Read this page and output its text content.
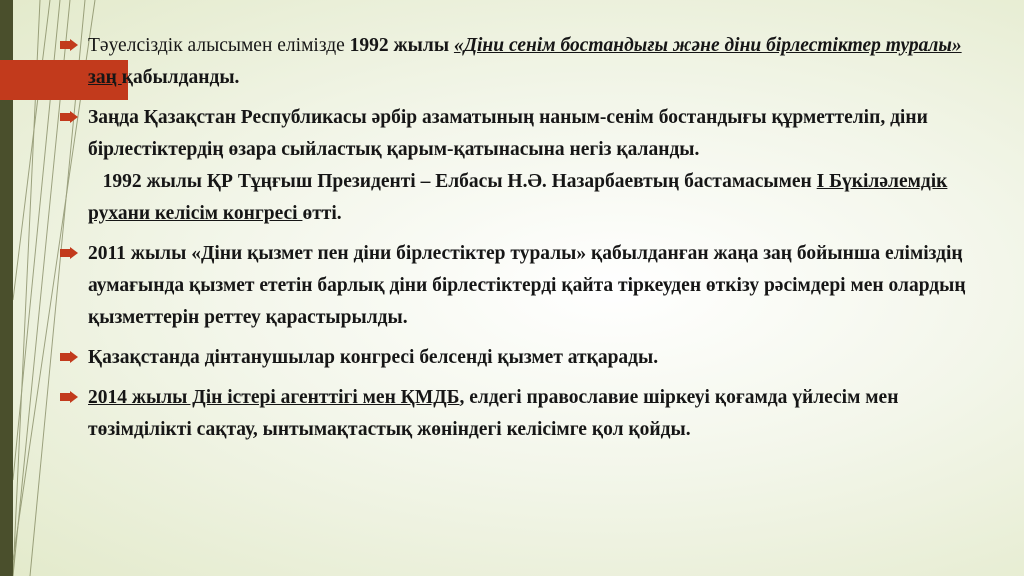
Тәуелсіздік алысымен елімізде 1992 жылы «Діни сенім бостандығы және діни бірлестіктер туралы» заң қабылданды.
Заңда Қазақстан Республикасы әрбір азаматының наным-сенім бостандығы құрметтеліп, діни бірлестіктердің өзара сыйластық қарым-қатынасына негіз қаланды.
1992 жылы ҚР Тұңғыш Президенті – Елбасы Н.Ә. Назарбаевтың бастамасымен І Бүкіләлемдік рухани келісім конгресі өтті.
2011 жылы «Діни қызмет пен діни бірлестіктер туралы» қабылданған жаңа заң бойынша еліміздің аумағында қызмет ететін барлық діни бірлестіктерді қайта тіркеуден өткізу рәсімдері мен олардың қызметтерін реттеу қарастырылды.
Қазақстанда дінтанушылар конгресі белсенді қызмет атқарады.
2014 жылы Дін істері агенттігі мен ҚМДБ, елдегі православие шіркеуі қоғамда үйлесім мен төзімділікті сақтау, ынтымақтастық жөніндегі келісімге қол қойды.
